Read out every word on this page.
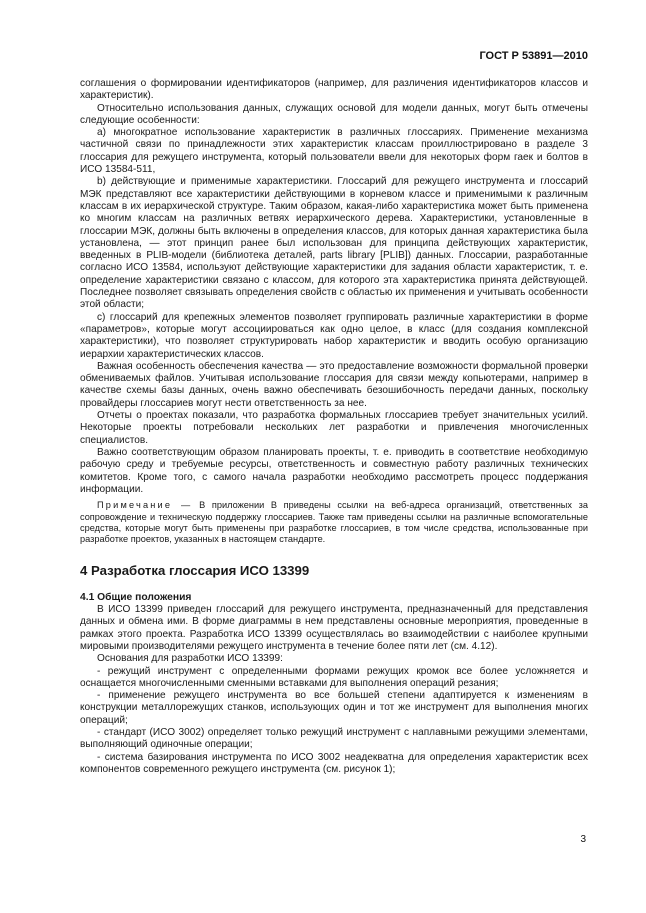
ГОСТ Р 53891—2010

соглашения о формировании идентификаторов (например, для различения идентификаторов классов и характеристик).

Относительно использования данных, служащих основой для модели данных, могут быть отмечены следующие особенности:

a) многократное использование характеристик в различных глоссариях. Применение механизма частичной связи по принадлежности этих характеристик классам проиллюстрировано в разделе 3 глоссария для режущего инструмента, который пользователи ввели для некоторых форм гаек и болтов в ИСО 13584-511,

b) действующие и применимые характеристики. Глоссарий для режущего инструмента и глоссарий МЭК представляют все характеристики действующими в корневом классе и применимыми к различным классам в их иерархической структуре. Таким образом, какая-либо характеристика может быть применена ко многим классам на различных ветвях иерархического дерева. Характеристики, установленные в глоссарии МЭК, должны быть включены в определения классов, для которых данная характеристика была установлена, — этот принцип ранее был использован для принципа действующих характеристик, введенных в PLIB-модели (библиотека деталей, parts library [PLIB]) данных. Глоссарии, разработанные согласно ИСО 13584, используют действующие характеристики для задания области характеристик, т. е. определение характеристики связано с классом, для которого эта характеристика принята действующей. Последнее позволяет связывать определения свойств с областью их применения и учитывать особенности этой области;

c) глоссарий для крепежных элементов позволяет группировать различные характеристики в форме «параметров», которые могут ассоциироваться как одно целое, в класс (для создания комплексной характеристики), что позволяет структурировать набор характеристик и вводить особую организацию иерархии характеристических классов.

Важная особенность обеспечения качества — это предоставление возможности формальной проверки обмениваемых файлов. Учитывая использование глоссария для связи между копьютерами, например в качестве схемы базы данных, очень важно обеспечивать безошибочность передачи данных, поскольку провайдеры глоссариев могут нести ответственность за нее.

Отчеты о проектах показали, что разработка формальных глоссариев требует значительных усилий. Некоторые проекты потребовали нескольких лет разработки и привлечения многочисленных специалистов.

Важно соответствующим образом планировать проекты, т. е. приводить в соответствие необходимую рабочую среду и требуемые ресурсы, ответственность и совместную работу различных технических комитетов. Кроме того, с самого начала разработки необходимо рассмотреть процесс поддержания информации.

Примечание — В приложении В приведены ссылки на веб-адреса организаций, ответственных за сопровождение и техническую поддержку глоссариев. Также там приведены ссылки на различные вспомогательные средства, которые могут быть применены при разработке глоссариев, в том числе средства, использованные при разработке проектов, указанных в настоящем стандарте.

4 Разработка глоссария ИСО 13399

4.1 Общие положения

В ИСО 13399 приведен глоссарий для режущего инструмента, предназначенный для представления данных и обмена ими. В форме диаграммы в нем представлены основные мероприятия, проведенные в рамках этого проекта. Разработка ИСО 13399 осуществлялась во взаимодействии с наиболее крупными мировыми производителями режущего инструмента в течение более пяти лет (см. 4.12).

Основания для разработки ИСО 13399:

- режущий инструмент с определенными формами режущих кромок все более усложняется и оснащается многочисленными сменными вставками для выполнения операций резания;

- применение режущего инструмента во все большей степени адаптируется к изменениям в конструкции металлорежущих станков, использующих один и тот же инструмент для выполнения многих операций;

- стандарт (ИСО 3002) определяет только режущий инструмент с наплавными режущими элементами, выполняющий одиночные операции;

- система базирования инструмента по ИСО 3002 неадекватна для определения характеристик всех компонентов современного режущего инструмента (см. рисунок 1);

3
